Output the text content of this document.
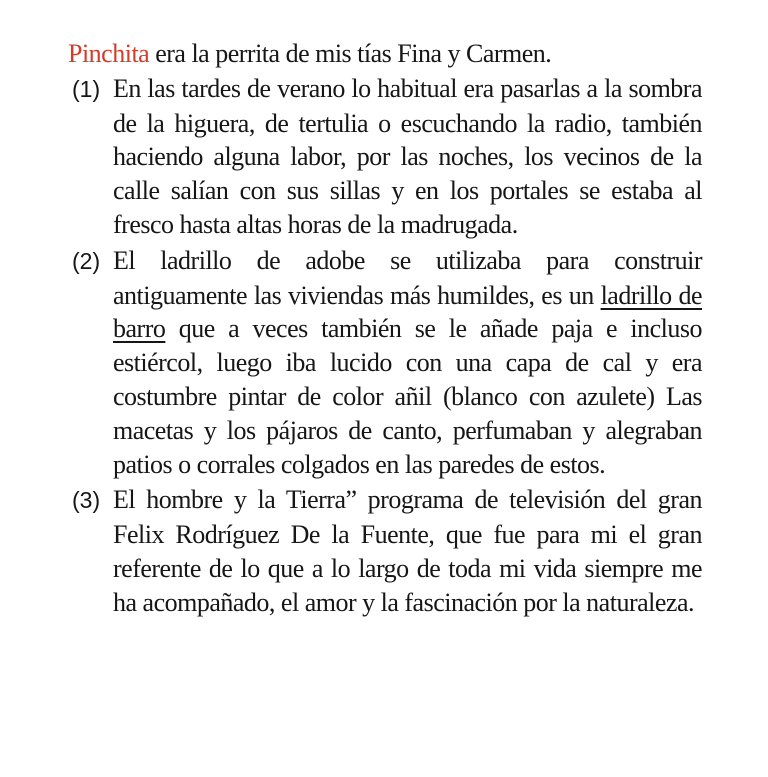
Pinchita era la perrita de mis tías Fina y Carmen.

(1) En las tardes de verano lo habitual era pasarlas a la sombra de la higuera, de tertulia o escuchando la radio, también haciendo alguna labor, por las noches, los vecinos de la calle salían con sus sillas y en los portales se estaba al fresco hasta altas horas de la madrugada.

(2) El ladrillo de adobe se utilizaba para construir antiguamente las viviendas más humildes, es un ladrillo de barro que a veces también se le añade paja e incluso estiércol, luego iba lucido con una capa de cal y era costumbre pintar de color añil (blanco con azulete) Las macetas y los pájaros de canto, perfumaban y alegraban patios o corrales colgados en las paredes de estos.

(3) El hombre y la Tierra” programa de televisión del gran Felix Rodríguez De la Fuente, que fue para mi el gran referente de lo que a lo largo de toda mi vida siempre me ha acompañado, el amor y la fascinación por la naturaleza.
